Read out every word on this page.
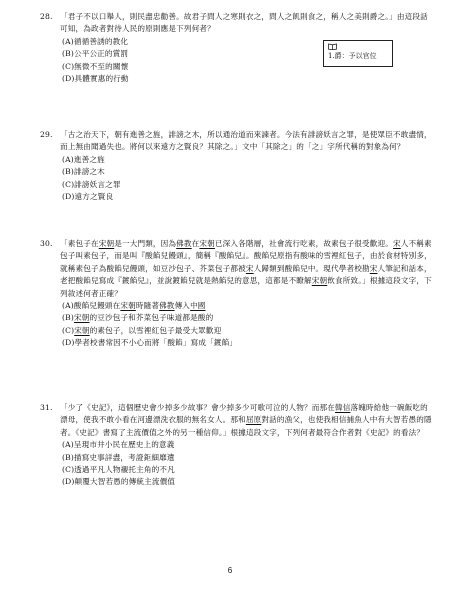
28. 「君子不以口舉人，則民盡忠勸善。故君子問人之寒則衣之，問人之飢則食之，稱人之美則爵之。」由這段話可知，為政者對待人民的原則應是下列何者？
(A)循循善誘的教化
(B)公平公正的賞罰
(C)無微不至的關懷
(D)具體實惠的行動
1.爵：予以官位
29. 「古之治天下，朝有進善之旌，誹謗之木，所以通治道而來諫者。今法有誹謗妖言之罪，是使眾臣不敢盡情，而上無由聞過失也。將何以來遠方之賢良？其除之。」文中「其除之」的「之」字所代稱的對象為何？
(A)進善之旌
(B)誹謗之木
(C)誹謗妖言之罪
(D)遠方之賢良
30. 「素包子在宋朝是一大門類，因為佛教在宋朝已深入各階層，社會流行吃素，故素包子很受歡迎。宋人不稱素包子叫素包子，而是叫『酸餡兒饅頭』，簡稱『酸餡兒』。酸餡兒原指有酸味的雪裡紅包子，由於食材特別多，就稱素包子為酸餡兒饅頭，如豆沙包子、芥菜包子都被宋人歸類到酸餡兒中。現代學者校勘宋人筆記和話本，老把酸餡兒寫成『鍍餡兒』，並說鍍餡兒就是熱餡兒的意思，這都是不瞭解宋朝飲食所致。」根據這段文字，下列敘述何者正確？
(A)酸餡兒饅頭在宋朝時隨著佛教傳入中國
(B)宋朝的豆沙包子和芥菜包子味道都是酸的
(C)宋朝的素包子，以雪裡紅包子最受大眾歡迎
(D)學者校書常因不小心而將「酸餡」寫成「鍍餡」
31. 「少了《史記》，這個歷史會少掉多少故事？會少掉多少可歌可泣的人物？而那在韓信落魄時給他一碗飯吃的漂母，使我不敢小看在河邊漂洗衣服的無名女人。那和屈原對話的漁父，也使我相信捕魚人中有大智若愚的隱者。《史記》書寫了主流價值之外的另一種信仰。」根據這段文字，下列何者最符合作者對《史記》的看法？
(A)呈現市井小民在歷史上的意義
(B)描寫史事詳盡，考證鉅細靡遺
(C)透過平凡人物襯托主角的不凡
(D)顛覆大智若愚的傳統主流價值
6
